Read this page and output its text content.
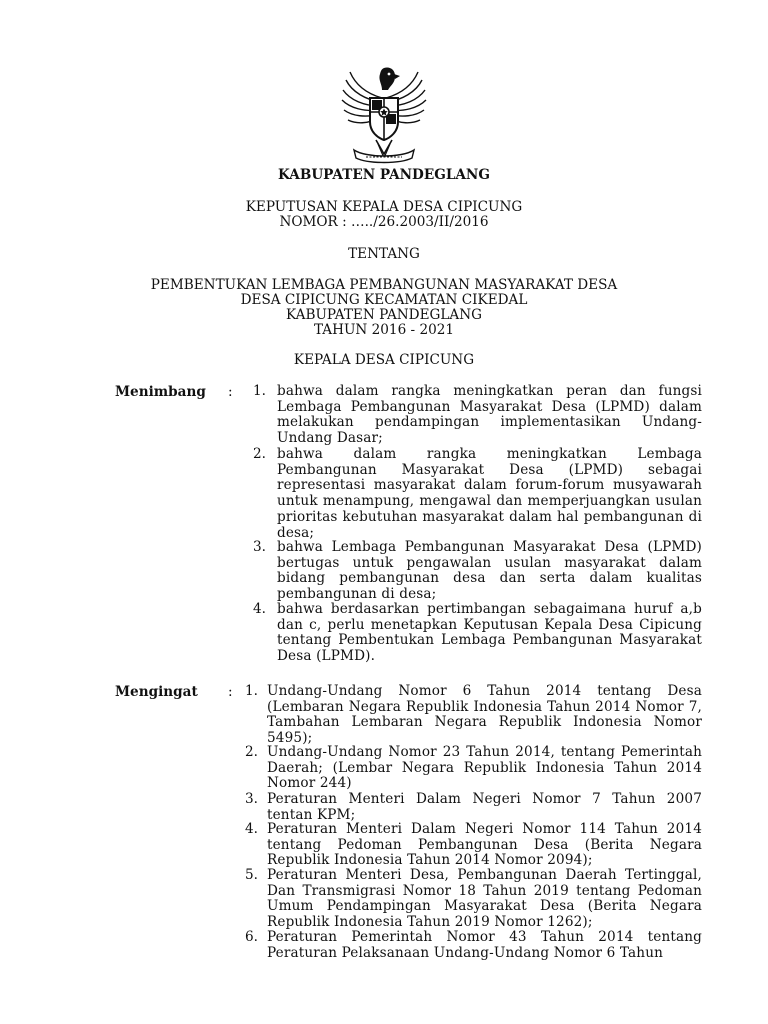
KABUPATEN PANDEGLANG
KEPUTUSAN KEPALA DESA CIPICUNG
NOMOR : …../26.2003/II/2016
TENTANG
PEMBENTUKAN LEMBAGA PEMBANGUNAN MASYARAKAT DESA
DESA CIPICUNG KECAMATAN CIKEDAL
KABUPATEN PANDEGLANG
TAHUN 2016 - 2021
KEPALA DESA CIPICUNG
Menimbang :	1. bahwa dalam rangka meningkatkan peran dan fungsi Lembaga Pembangunan Masyarakat Desa (LPMD) dalam melakukan pendampingan implementasikan Undang-Undang Dasar;
2. bahwa dalam rangka meningkatkan Lembaga Pembangunan Masyarakat Desa (LPMD) sebagai representasi masyarakat dalam forum-forum musyawarah untuk menampung, mengawal dan memperjuangkan usulan prioritas kebutuhan masyarakat dalam hal pembangunan di desa;
3. bahwa Lembaga Pembangunan Masyarakat Desa (LPMD) bertugas untuk pengawalan usulan masyarakat dalam bidang pembangunan desa dan serta dalam kualitas pembangunan di desa;
4. bahwa berdasarkan pertimbangan sebagaimana huruf a,b dan c, perlu menetapkan Keputusan Kepala Desa Cipicung tentang Pembentukan Lembaga Pembangunan Masyarakat Desa (LPMD).
Mengingat : 1. Undang-Undang Nomor 6 Tahun 2014 tentang Desa (Lembaran Negara Republik Indonesia Tahun 2014 Nomor 7, Tambahan Lembaran Negara Republik Indonesia Nomor 5495);
2. Undang-Undang Nomor 23 Tahun 2014, tentang Pemerintah Daerah; (Lembar Negara Republik Indonesia Tahun 2014 Nomor 244)
3. Peraturan Menteri Dalam Negeri Nomor 7 Tahun 2007 tentan KPM;
4. Peraturan Menteri Dalam Negeri Nomor 114 Tahun 2014 tentang Pedoman Pembangunan Desa (Berita Negara Republik Indonesia Tahun 2014 Nomor 2094);
5. Peraturan Menteri Desa, Pembangunan Daerah Tertinggal, Dan Transmigrasi Nomor 18 Tahun 2019 tentang Pedoman Umum Pendampingan Masyarakat Desa (Berita Negara Republik Indonesia Tahun 2019 Nomor 1262);
6. Peraturan Pemerintah Nomor 43 Tahun 2014 tentang Peraturan Pelaksanaan Undang-Undang Nomor 6 Tahun
